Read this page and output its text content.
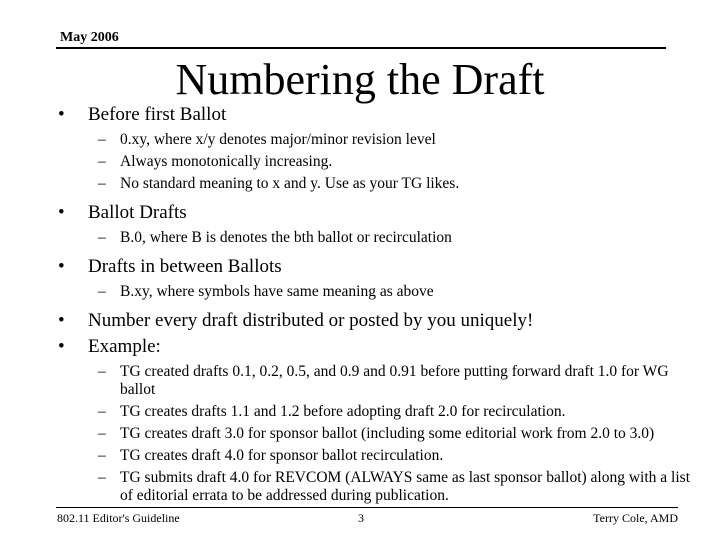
May 2006
Numbering the Draft
• Before first Ballot
– 0.xy, where x/y denotes major/minor revision level
– Always monotonically increasing.
– No standard meaning to x and y. Use as your TG likes.
• Ballot Drafts
– B.0, where B is denotes the bth ballot or recirculation
• Drafts in between Ballots
– B.xy, where symbols have same meaning as above
• Number every draft distributed or posted by you uniquely!
• Example:
– TG created drafts 0.1, 0.2, 0.5, and 0.9 and 0.91 before putting forward draft 1.0 for WG ballot
– TG creates drafts 1.1 and 1.2 before adopting draft 2.0 for recirculation.
– TG creates draft 3.0 for sponsor ballot (including some editorial work from 2.0 to 3.0)
– TG creates draft 4.0 for sponsor ballot recirculation.
– TG submits draft 4.0 for REVCOM (ALWAYS same as last sponsor ballot) along with a list of editorial errata to be addressed during publication.
802.11 Editor's Guideline	3	Terry Cole, AMD
